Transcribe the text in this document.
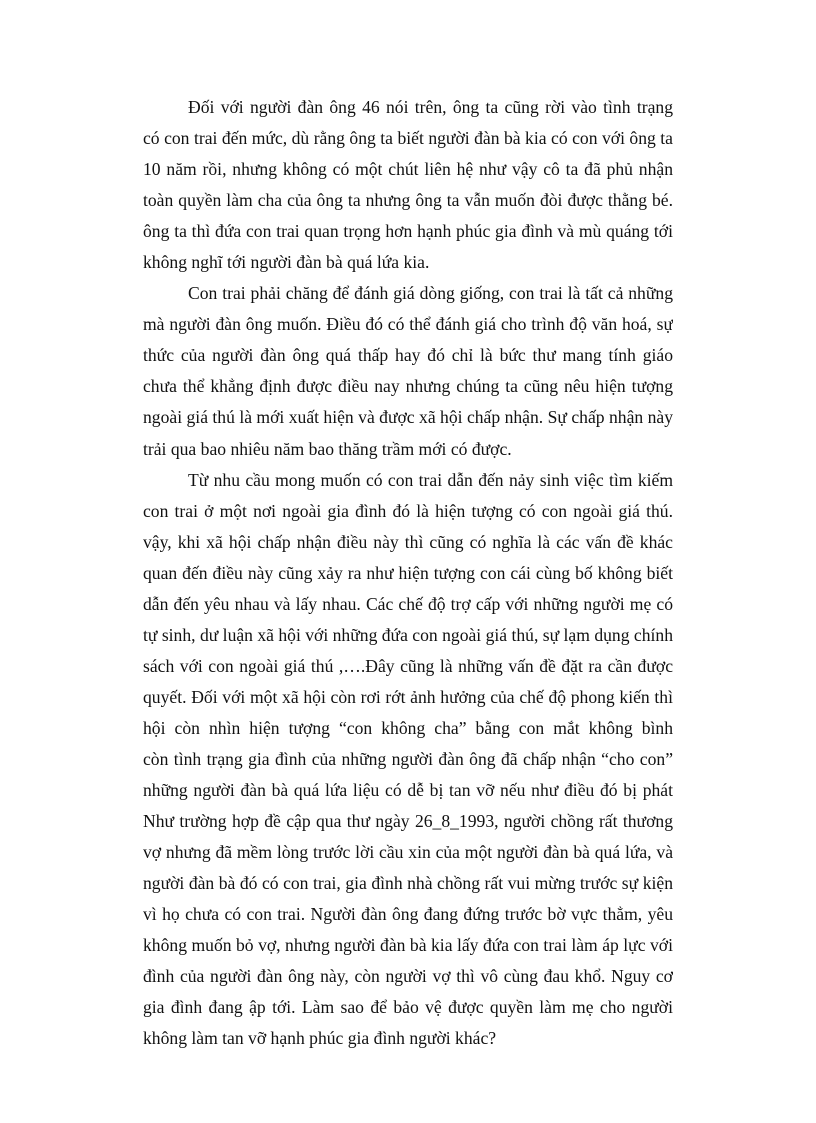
Đối với người đàn ông 46 nói trên, ông ta cũng rời vào tình trạng
có con trai đến mức, dù rằng ông ta biết người đàn bà kia có con với ông ta
10 năm rồi, nhưng không có một chút liên hệ như vậy cô ta đã phủ nhận
toàn quyền làm cha của ông ta nhưng ông ta vẫn muốn đòi được thằng bé.
ông ta thì đứa con trai quan trọng hơn hạnh phúc gia đình và mù quáng tới
không nghĩ tới người đàn bà quá lứa kia.
Con trai phải chăng để đánh giá dòng giống, con trai là tất cả những
mà người đàn ông muốn. Điều đó có thể đánh giá cho trình độ văn hoá, sự
thức của người đàn ông quá thấp hay đó chỉ là bức thư mang tính giáo
chưa thể khẳng định được điều nay nhưng chúng ta cũng nêu hiện tượng
ngoài giá thú là mới xuất hiện và được xã hội chấp nhận. Sự chấp nhận này
trải qua bao nhiêu năm bao thăng trầm mới có được.
Từ nhu cầu mong muốn có con trai dẫn đến nảy sinh việc tìm kiếm
con trai ở một nơi ngoài gia đình đó là hiện tượng có con ngoài giá thú.
vậy, khi xã hội chấp nhận điều này thì cũng có nghĩa là các vấn đề khác
quan đến điều này cũng xảy ra như hiện tượng con cái cùng bố không biết
dẫn đến yêu nhau và lấy nhau. Các chế độ trợ cấp với những người mẹ có
tự sinh, dư luận xã hội với những đứa con ngoài giá thú, sự lạm dụng chính
sách với con ngoài giá thú ,….Đây cũng là những vấn đề đặt ra cần được
quyết. Đối với một xã hội còn rơi rớt ảnh hưởng của chế độ phong kiến thì
hội còn nhìn hiện tượng “con không cha” bằng con mắt không bình
còn tình trạng gia đình của những người đàn ông đã chấp nhận “cho con”
những người đàn bà quá lứa liệu có dễ bị tan vỡ nếu như điều đó bị phát
Như trường hợp đề cập qua thư ngày 26_8_1993, người chồng rất thương
vợ nhưng đã mềm lòng trước lời cầu xin của một người đàn bà quá lứa, và
người đàn bà đó có con trai, gia đình nhà chồng rất vui mừng trước sự kiện
vì họ chưa có con trai. Người đàn ông đang đứng trước bờ vực thẳm, yêu
không muốn bỏ vợ, nhưng người đàn bà kia lấy đứa con trai làm áp lực với
đình của người đàn ông này, còn người vợ thì vô cùng đau khổ. Nguy cơ
gia đình đang ập tới. Làm sao để bảo vệ được quyền làm mẹ cho người
không làm tan vỡ hạnh phúc gia đình người khác?
